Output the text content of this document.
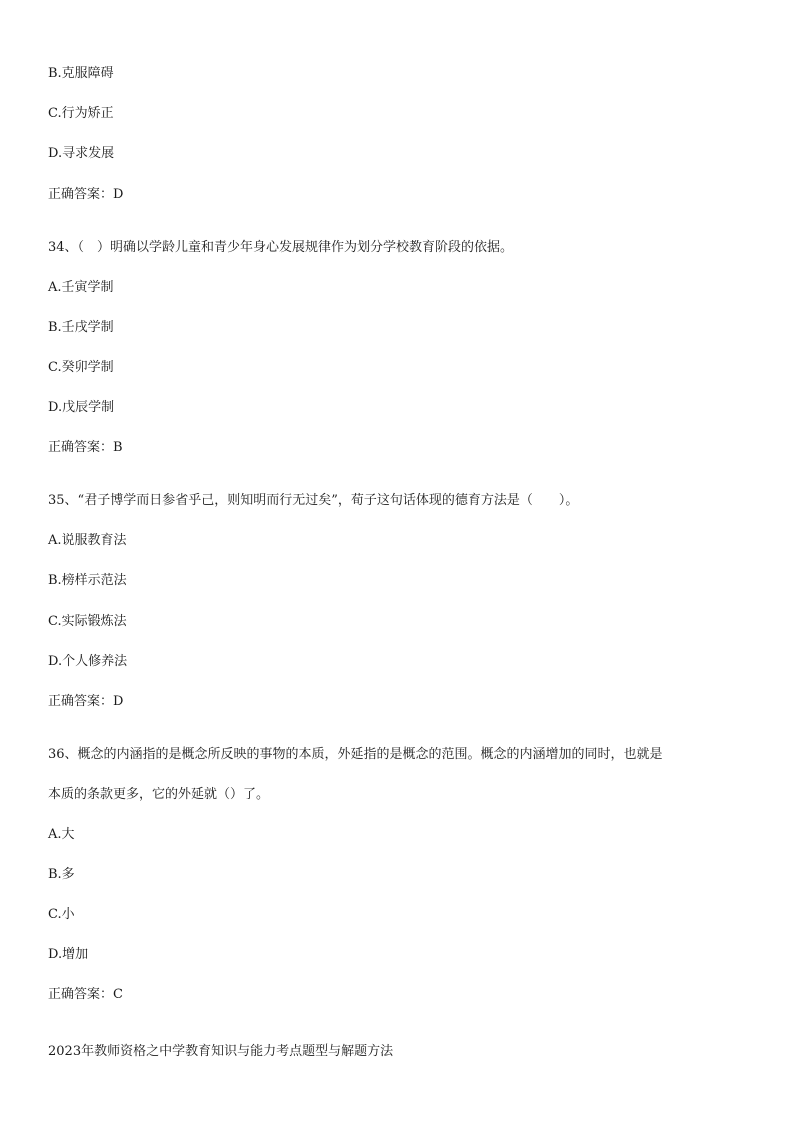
B.克服障碍
C.行为矫正
D.寻求发展
正确答案：D
34、（　）明确以学龄儿童和青少年身心发展规律作为划分学校教育阶段的依据。
A.壬寅学制
B.壬戌学制
C.癸卯学制
D.戊辰学制
正确答案：B
35、“君子博学而日参省乎己，则知明而行无过矣”，荀子这句话体现的德育方法是（　　）。
A.说服教育法
B.榜样示范法
C.实际锻炼法
D.个人修养法
正确答案：D
36、概念的内涵指的是概念所反映的事物的本质，外延指的是概念的范围。概念的内涵增加的同时，也就是
本质的条款更多，它的外延就（）了。
A.大
B.多
C.小
D.增加
正确答案：C
2023年教师资格之中学教育知识与能力考点题型与解题方法
